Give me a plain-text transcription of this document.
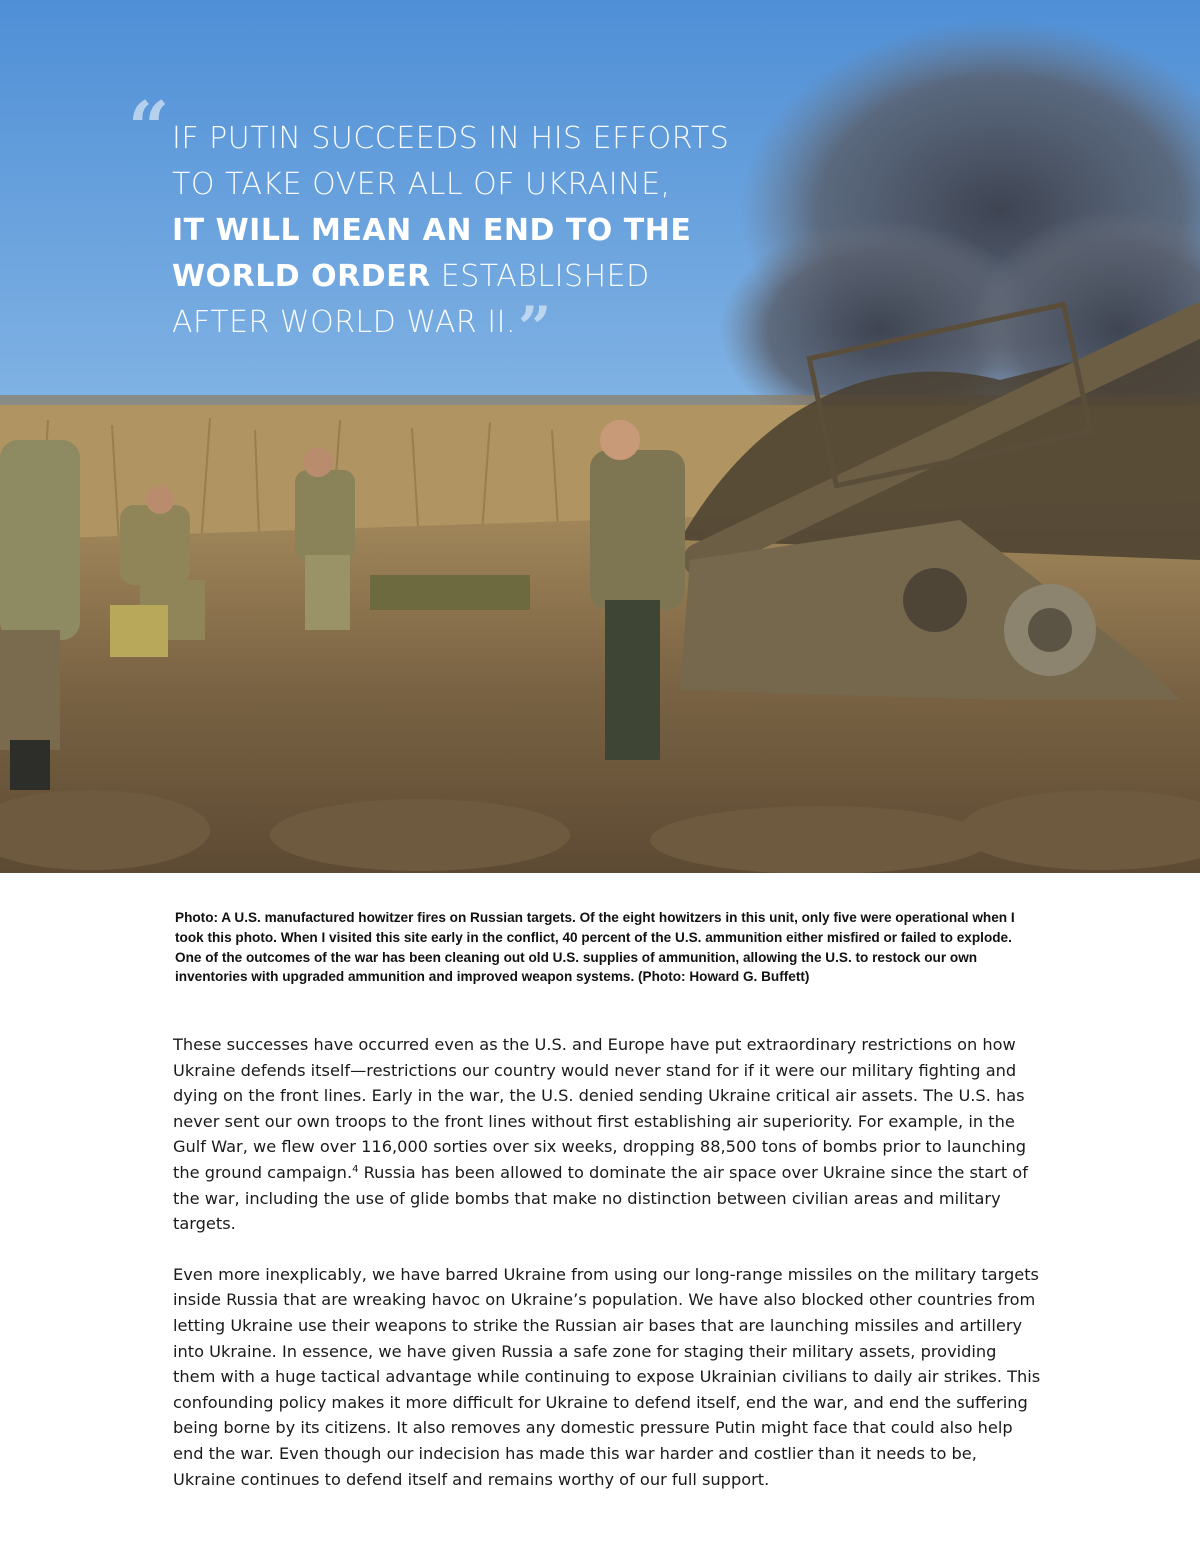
“ IF PUTIN SUCCEEDS IN HIS EFFORTS
TO TAKE OVER ALL OF UKRAINE,
IT WILL MEAN AN END TO THE
WORLD ORDER ESTABLISHED
AFTER WORLD WAR II.”
Photo: A U.S. manufactured howitzer fires on Russian targets. Of the eight howitzers in this unit, only five were operational when I took this photo. When I visited this site early in the conflict, 40 percent of the U.S. ammunition either misfired or failed to explode. One of the outcomes of the war has been cleaning out old U.S. supplies of ammunition, allowing the U.S. to restock our own inventories with upgraded ammunition and improved weapon systems. (Photo: Howard G. Buffett)

These successes have occurred even as the U.S. and Europe have put extraordinary restrictions on how Ukraine defends itself—restrictions our country would never stand for if it were our military fighting and dying on the front lines. Early in the war, the U.S. denied sending Ukraine critical air assets. The U.S. has never sent our own troops to the front lines without first establishing air superiority. For example, in the Gulf War, we flew over 116,000 sorties over six weeks, dropping 88,500 tons of bombs prior to launching the ground campaign.$^4$ Russia has been allowed to dominate the air space over Ukraine since the start of the war, including the use of glide bombs that make no distinction between civilian areas and military targets.

Even more inexplicably, we have barred Ukraine from using our long-range missiles on the military targets inside Russia that are wreaking havoc on Ukraine’s population. We have also blocked other countries from letting Ukraine use their weapons to strike the Russian air bases that are launching missiles and artillery into Ukraine. In essence, we have given Russia a safe zone for staging their military assets, providing them with a huge tactical advantage while continuing to expose Ukrainian civilians to daily air strikes. This confounding policy makes it more difficult for Ukraine to defend itself, end the war, and end the suffering being borne by its citizens. It also removes any domestic pressure Putin might face that could also help end the war. Even though our indecision has made this war harder and costlier than it needs to be, Ukraine continues to defend itself and remains worthy of our full support.
